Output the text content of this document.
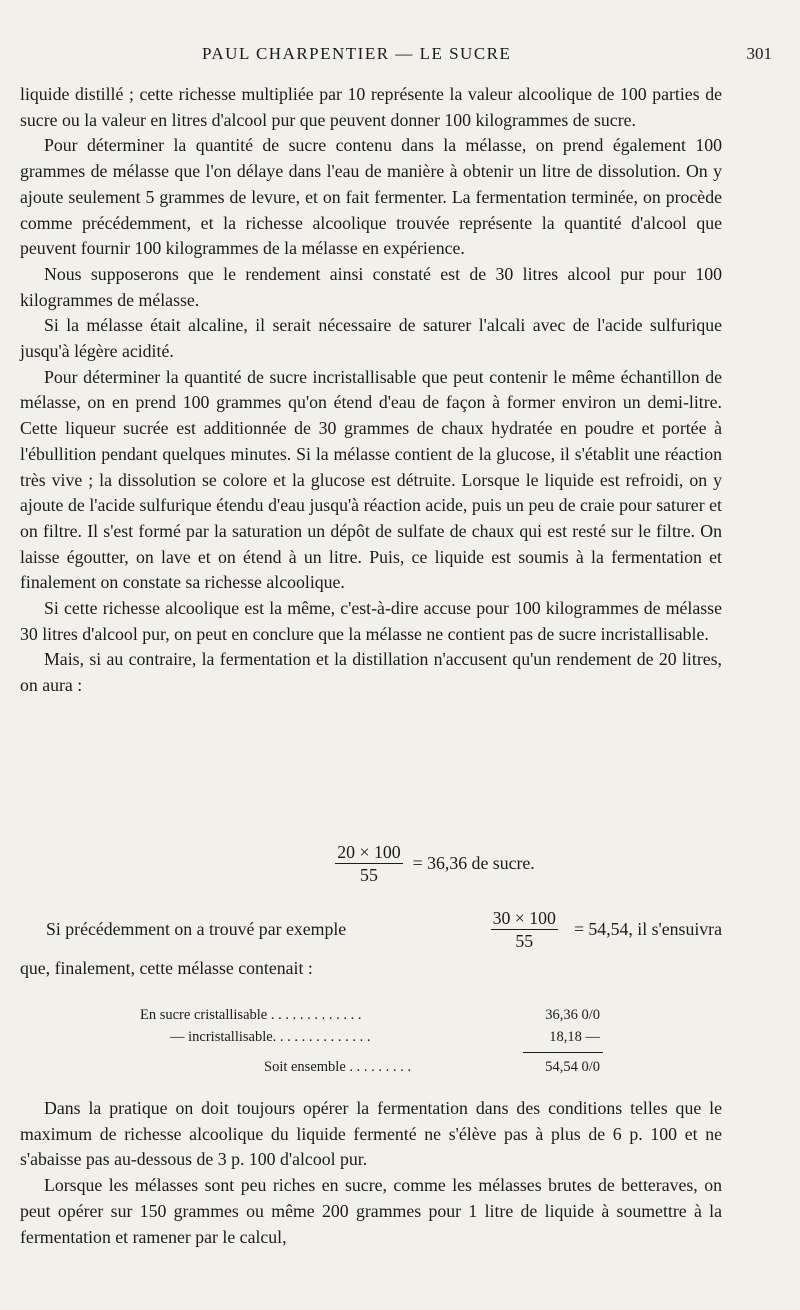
PAUL CHARPENTIER — LE SUCRE	301

liquide distillé ; cette richesse multipliée par 10 représente la valeur alcoolique de 100 parties de sucre ou la valeur en litres d'alcool pur que peuvent donner 100 kilogrammes de sucre.

Pour déterminer la quantité de sucre contenu dans la mélasse, on prend également 100 grammes de mélasse que l'on délaye dans l'eau de manière à obtenir un litre de dissolution. On y ajoute seulement 5 grammes de levure, et on fait fermenter. La fermentation terminée, on procède comme précédemment, et la richesse alcoolique trouvée représente la quantité d'alcool que peuvent fournir 100 kilogrammes de la mélasse en expérience.

Nous supposerons que le rendement ainsi constaté est de 30 litres alcool pur pour 100 kilogrammes de mélasse.

Si la mélasse était alcaline, il serait nécessaire de saturer l'alcali avec de l'acide sulfurique jusqu'à légère acidité.

Pour déterminer la quantité de sucre incristallisable que peut contenir le même échantillon de mélasse, on en prend 100 grammes qu'on étend d'eau de façon à former environ un demi-litre. Cette liqueur sucrée est additionnée de 30 grammes de chaux hydratée en poudre et portée à l'ébullition pendant quelques minutes. Si la mélasse contient de la glucose, il s'établit une réaction très vive ; la dissolution se colore et la glucose est détruite. Lorsque le liquide est refroidi, on y ajoute de l'acide sulfurique étendu d'eau jusqu'à réaction acide, puis un peu de craie pour saturer et on filtre. Il s'est formé par la saturation un dépôt de sulfate de chaux qui est resté sur le filtre. On laisse égoutter, on lave et on étend à un litre. Puis, ce liquide est soumis à la fermentation et finalement on constate sa richesse alcoolique.

Si cette richesse alcoolique est la même, c'est-à-dire accuse pour 100 kilogrammes de mélasse 30 litres d'alcool pur, on peut en conclure que la mélasse ne contient pas de sucre incristallisable.

Mais, si au contraire, la fermentation et la distillation n'accusent qu'un rendement de 20 litres, on aura :

$\frac{20 \times 100}{55} = 36,36$ de sucre.
Si précédemment on a trouvé par exemple	$\frac{30 \times 100}{55} = 54,54$, il s'ensuivra

que, finalement, cette mélasse contenait :

En sucre cristallisable . . . . . . . . . . . . .	36,36 0/0
— incristallisable. . . . . . . . . . . . . .	18,18 —
Soit ensemble . . . . . . . . .	54,54 0/0

Dans la pratique on doit toujours opérer la fermentation dans des conditions telles que le maximum de richesse alcoolique du liquide fermenté ne s'élève pas à plus de 6 p. 100 et ne s'abaisse pas au-dessous de 3 p. 100 d'alcool pur.

Lorsque les mélasses sont peu riches en sucre, comme les mélasses brutes de betteraves, on peut opérer sur 150 grammes ou même 200 grammes pour 1 litre de liquide à soumettre à la fermentation et ramener par le calcul,
